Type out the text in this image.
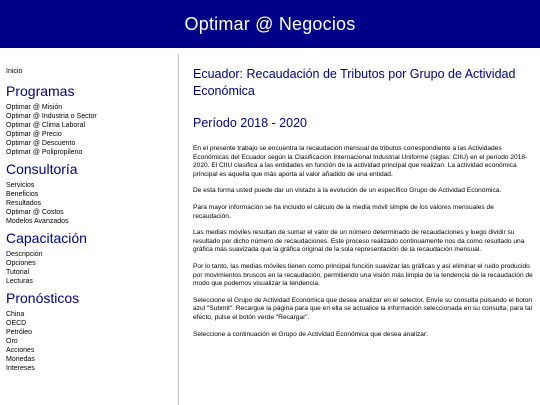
Optimar @ Negocios
Inicio
Programas
Optimar @ Misión
Optimar @ Industria o Sector
Optimar @ Clima Laboral
Optimar @ Precio
Optimar @ Descuento
Optimar @ Polipropileno
Consultoría
Servicios
Beneficios
Resultados
Optimar @ Costos
Modelos Avanzados
Capacitación
Descripción
Opciones
Tutorial
Lecturas
Pronósticos
China
OECD
Petróleo
Oro
Acciones
Monedas
Intereses
Ecuador: Recaudación de Tributos por Grupo de Actividad Económica
Período 2018 - 2020

En el presente trabajo se encuentra la recaudación mensual de tributos correspondiente a las Actividades Económicas del Ecuador según la Clasificación Internacional Industrial Uniforme (siglas: CIIU) en el período 2018-2020. El CIIU clasifica a las entidades en función de la actividad principal que realizan. La actividad económica principal es aquella que más aporta al valor añadido de una entidad.

De esta forma usted puede dar un vistazo a la evolución de un específico Grupo de Actividad Económica.

Para mayor información se ha incluido el cálculo de la media móvil simple de los valores mensuales de recaudación.

Las medias móviles resultan de sumar el valor de un número determinado de recaudaciones y luego dividir su resultado por dicho número de recaudaciones. Este proceso realizado continuamente nos da como resultado una gráfica más suavizada que la gráfica original de la sola representación de la recaudación mensual.

Por lo tanto, las medias móviles tienen como principal función suavizar las gráficas y así eliminar el ruido producido por movimientos bruscos en la recaudación, permitiendo una visión más limpia de la tendencia de la recaudación de modo que podemos visualizar la tendencia.

Seleccione el Grupo de Actividad Económica que desea analizar en el selector. Envíe su consulta pulsando el boton azul "Submit". Recargue la página para que en ella se actualice la información seleccionada en su consulta; para tal efecto, pulse el botón verde "Recargar".

Seleccione a continuación el Grupo de Actividad Económica que desea analizar:
